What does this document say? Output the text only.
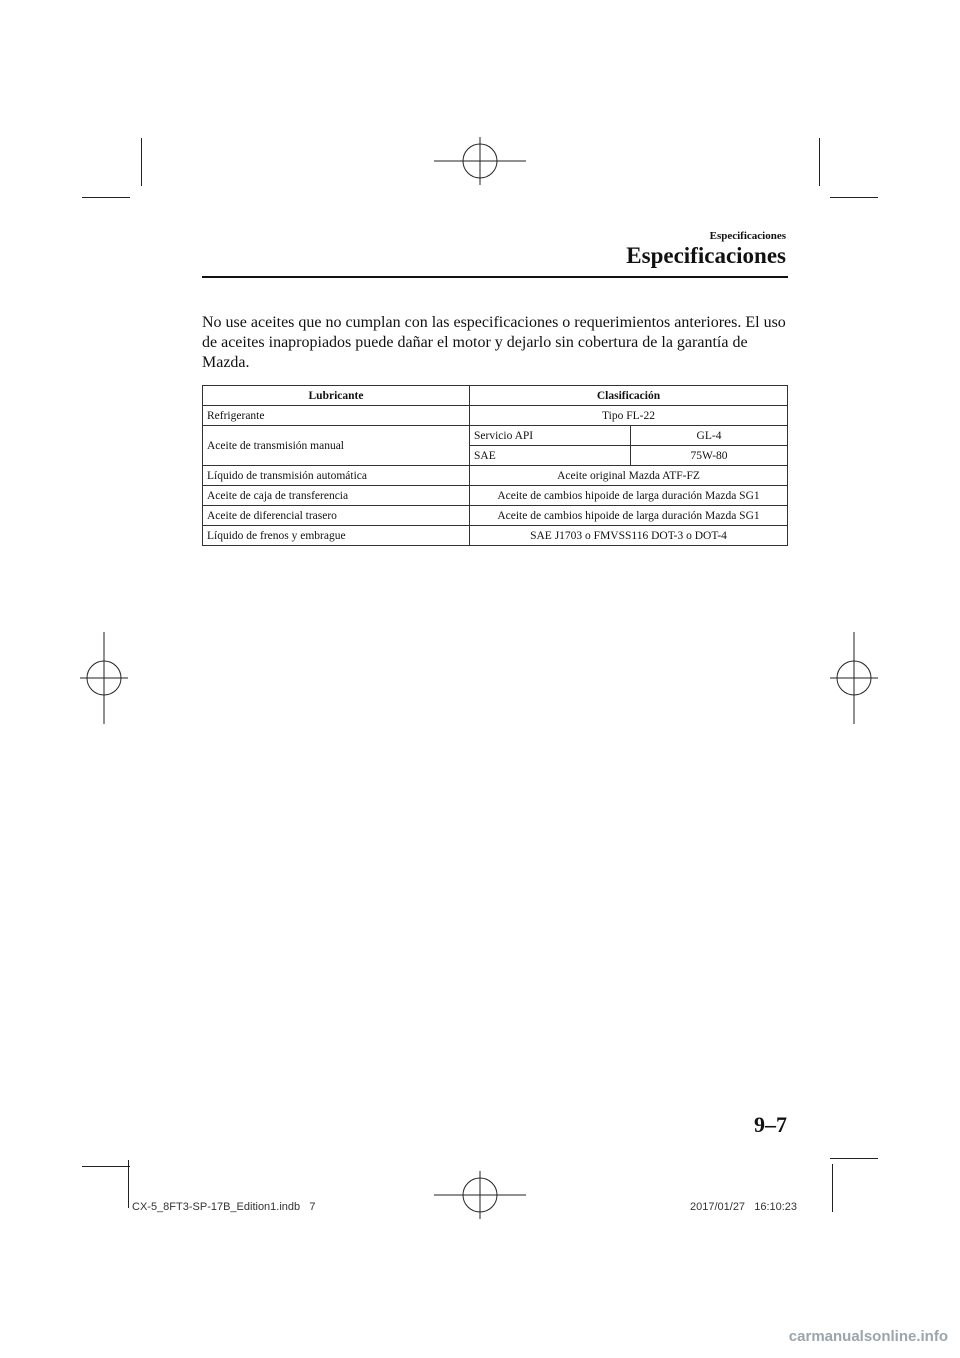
Especificaciones
Especificaciones

No use aceites que no cumplan con las especificaciones o requerimientos anteriores. El uso de aceites inapropiados puede dañar el motor y dejarlo sin cobertura de la garantía de Mazda.

Lubricante	Clasificación	
Refrigerante	Tipo FL-22	
Aceite de transmisión manual	Servicio API	GL-4
	SAE	75W-80
Líquido de transmisión automática	Aceite original Mazda ATF-FZ	
Aceite de caja de transferencia	Aceite de cambios hipoide de larga duración Mazda SG1	
Aceite de diferencial trasero	Aceite de cambios hipoide de larga duración Mazda SG1	
Líquido de frenos y embrague	SAE J1703 o FMVSS116 DOT-3 o DOT-4	
9–7
CX-5_8FT3-SP-17B_Edition1.indb   7	2017/01/27   16:10:23
carmanualsonline.info
